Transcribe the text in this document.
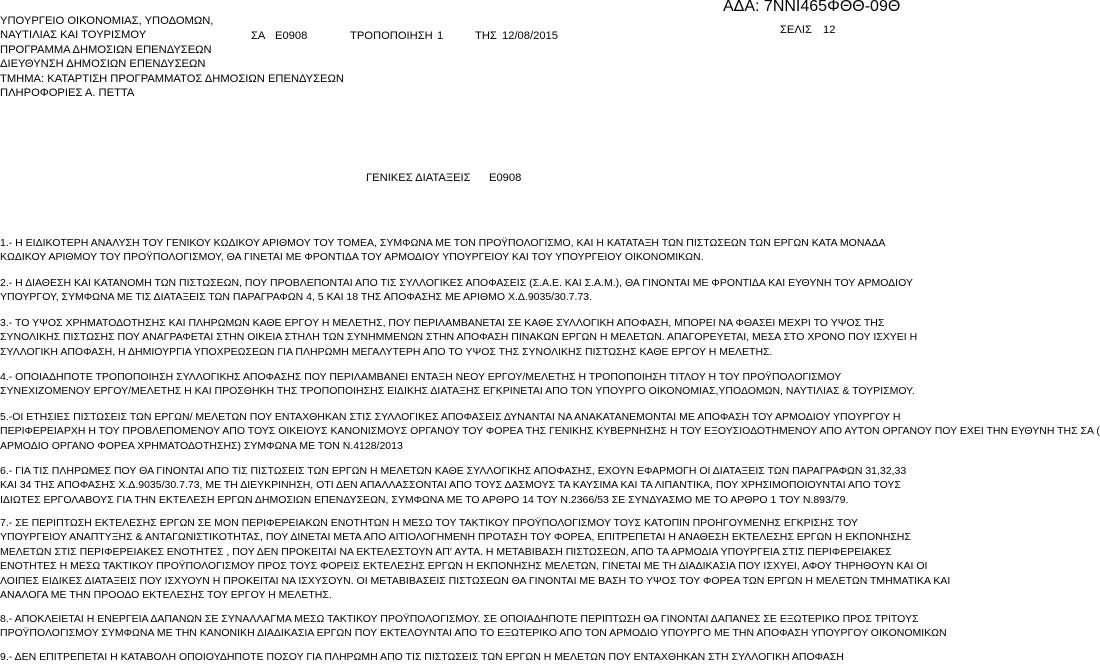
ΥΠΟΥΡΓΕΙΟ ΟΙΚΟΝΟΜΙΑΣ, ΥΠΟΔΟΜΩΝ,
ΝΑΥΤΙΛΙΑΣ ΚΑΙ ΤΟΥΡΙΣΜΟΥ
ΠΡΟΓΡΑΜΜΑ ΔΗΜΟΣΙΩΝ ΕΠΕΝΔΥΣΕΩΝ
ΔΙΕΥΘΥΝΣΗ ΔΗΜΟΣΙΩΝ ΕΠΕΝΔΥΣΕΩΝ
ΤΜΗΜΑ: ΚΑΤΑΡΤΙΣΗ ΠΡΟΓΡΑΜΜΑΤΟΣ ΔΗΜΟΣΙΩΝ ΕΠΕΝΔΥΣΕΩΝ
ΠΛΗΡΟΦΟΡΙΕΣ Α. ΠΕΤΤΑ
ΣΑ Ε0908	ΤΡΟΠΟΠΟΙΗΣΗ 1	ΤΗΣ 12/08/2015
ΑΔΑ: 7ΝΝΙ465ΦΘΘ-09Θ
ΣΕΛΙΣ 12
ΓΕΝΙΚΕΣ ΔΙΑΤΑΞΕΙΣ Ε0908
1.- Η ΕΙΔΙΚΟΤΕΡΗ ΑΝΑΛΥΣΗ ΤΟΥ ΓΕΝΙΚΟΥ ΚΩΔΙΚΟΥ ΑΡΙΘΜΟΥ ΤΟΥ ΤΟΜΕΑ, ΣΥΜΦΩΝΑ ΜΕ ΤΟΝ ΠΡΟΫΠΟΛΟΓΙΣΜΟ, ΚΑΙ Η ΚΑΤΑΤΑΞΗ ΤΩΝ ΠΙΣΤΩΣΕΩΝ ΤΩΝ ΕΡΓΩΝ ΚΑΤΑ ΜΟΝΑΔΑ
ΚΩΔΙΚΟΥ ΑΡΙΘΜΟΥ ΤΟΥ ΠΡΟΫΠΟΛΟΓΙΣΜΟΥ, ΘΑ ΓΙΝΕΤΑΙ ΜΕ ΦΡΟΝΤΙΔΑ ΤΟΥ ΑΡΜΟΔΙΟΥ ΥΠΟΥΡΓΕΙΟΥ ΚΑΙ ΤΟΥ ΥΠΟΥΡΓΕΙΟΥ ΟΙΚΟΝΟΜΙΚΩΝ.
2.- Η ΔΙΑΘΕΣΗ ΚΑΙ ΚΑΤΑΝΟΜΗ ΤΩΝ ΠΙΣΤΩΣΕΩΝ, ΠΟΥ ΠΡΟΒΛΕΠΟΝΤΑΙ ΑΠΟ ΤΙΣ ΣΥΛΛΟΓΙΚΕΣ ΑΠΟΦΑΣΕΙΣ (Σ.Α.Ε. ΚΑΙ Σ.Α.Μ.), ΘΑ ΓΙΝΟΝΤΑΙ ΜΕ ΦΡΟΝΤΙΔΑ ΚΑΙ ΕΥΘΥΝΗ ΤΟΥ ΑΡΜΟΔΙΟΥ
ΥΠΟΥΡΓΟΥ, ΣΥΜΦΩΝΑ ΜΕ ΤΙΣ ΔΙΑΤΑΞΕΙΣ ΤΩΝ ΠΑΡΑΓΡΑΦΩΝ 4, 5 ΚΑΙ 18 ΤΗΣ ΑΠΟΦΑΣΗΣ ΜΕ ΑΡΙΘΜΟ Χ.Δ.9035/30.7.73.
3.- ΤΟ ΥΨΟΣ ΧΡΗΜΑΤΟΔΟΤΗΣΗΣ ΚΑΙ ΠΛΗΡΩΜΩΝ ΚΑΘΕ ΕΡΓΟΥ Η ΜΕΛΕΤΗΣ, ΠΟΥ ΠΕΡΙΛΑΜΒΑΝΕΤΑΙ ΣΕ ΚΑΘΕ ΣΥΛΛΟΓΙΚΗ ΑΠΟΦΑΣΗ, ΜΠΟΡΕΙ ΝΑ ΦΘΑΣΕΙ ΜΕΧΡΙ ΤΟ ΥΨΟΣ ΤΗΣ
ΣΥΝΟΛΙΚΗΣ ΠΙΣΤΩΣΗΣ ΠΟΥ ΑΝΑΓΡΑΦΕΤΑΙ ΣΤΗΝ ΟΙΚΕΙΑ ΣΤΗΛΗ ΤΩΝ ΣΥΝΗΜΜΕΝΩΝ ΣΤΗΝ ΑΠΟΦΑΣΗ ΠΙΝΑΚΩΝ ΕΡΓΩΝ Η ΜΕΛΕΤΩΝ. ΑΠΑΓΟΡΕΥΕΤΑΙ, ΜΕΣΑ ΣΤΟ ΧΡΟΝΟ ΠΟΥ ΙΣΧΥΕΙ Η
ΣΥΛΛΟΓΙΚΗ ΑΠΟΦΑΣΗ, Η ΔΗΜΙΟΥΡΓΙΑ ΥΠΟΧΡΕΩΣΕΩΝ ΓΙΑ ΠΛΗΡΩΜΗ ΜΕΓΑΛΥΤΕΡΗ ΑΠΟ ΤΟ ΥΨΟΣ ΤΗΣ ΣΥΝΟΛΙΚΗΣ ΠΙΣΤΩΣΗΣ ΚΑΘΕ ΕΡΓΟΥ Η ΜΕΛΕΤΗΣ.
4.- ΟΠΟΙΑΔΗΠΟΤΕ ΤΡΟΠΟΠΟΙΗΣΗ ΣΥΛΛΟΓΙΚΗΣ ΑΠΟΦΑΣΗΣ ΠΟΥ ΠΕΡΙΛΑΜΒΑΝΕΙ ΕΝΤΑΞΗ ΝΕΟΥ ΕΡΓΟΥ/ΜΕΛΕΤΗΣ Η ΤΡΟΠΟΠΟΙΗΣΗ ΤΙΤΛΟΥ Η ΤΟΥ ΠΡΟΫΠΟΛΟΓΙΣΜΟΥ
ΣΥΝΕΧΙΖΟΜΕΝΟΥ ΕΡΓΟΥ/ΜΕΛΕΤΗΣ Η ΚΑΙ ΠΡΟΣΘΗΚΗ ΤΗΣ ΤΡΟΠΟΠΟΙΗΣΗΣ ΕΙΔΙΚΗΣ ΔΙΑΤΑΞΗΣ ΕΓΚΡΙΝΕΤΑΙ ΑΠΟ ΤΟΝ ΥΠΟΥΡΓΟ ΟΙΚΟΝΟΜΙΑΣ,ΥΠΟΔΟΜΩΝ, ΝΑΥΤΙΛΙΑΣ & ΤΟΥΡΙΣΜΟΥ.
5.-ΟΙ ΕΤΗΣΙΕΣ ΠΙΣΤΩΣΕΙΣ ΤΩΝ ΕΡΓΩΝ/ ΜΕΛΕΤΩΝ ΠΟΥ ΕΝΤΑΧΘΗΚΑΝ ΣΤΙΣ ΣΥΛΛΟΓΙΚΕΣ ΑΠΟΦΑΣΕΙΣ ΔΥΝΑΝΤΑΙ ΝΑ ΑΝΑΚΑΤΑΝΕΜΟΝΤΑΙ ΜΕ ΑΠΟΦΑΣΗ ΤΟΥ ΑΡΜΟΔΙΟΥ ΥΠΟΥΡΓΟΥ Η
ΠΕΡΙΦΕΡΕΙΑΡΧΗ Η ΤΟΥ ΠΡΟΒΛΕΠΟΜΕΝΟΥ ΑΠΟ ΤΟΥΣ ΟΙΚΕΙΟΥΣ ΚΑΝΟΝΙΣΜΟΥΣ ΟΡΓΑΝΟΥ ΤΟΥ ΦΟΡΕΑ ΤΗΣ ΓΕΝΙΚΗΣ ΚΥΒΕΡΝΗΣΗΣ Η ΤΟΥ ΕΞΟΥΣΙΟΔΟΤΗΜΕΝΟΥ ΑΠΟ ΑΥΤΟΝ ΟΡΓΑΝΟΥ ΠΟΥ ΕΧΕΙ ΤΗΝ ΕΥΘΥΝΗ ΤΗΣ ΣΑ (
ΑΡΜΟΔΙΟ ΟΡΓΑΝΟ ΦΟΡΕΑ ΧΡΗΜΑΤΟΔΟΤΗΣΗΣ) ΣΥΜΦΩΝΑ ΜΕ ΤΟΝ Ν.4128/2013
6.- ΓΙΑ ΤΙΣ ΠΛΗΡΩΜΕΣ ΠΟΥ ΘΑ ΓΙΝΟΝΤΑΙ ΑΠΟ ΤΙΣ ΠΙΣΤΩΣΕΙΣ ΤΩΝ ΕΡΓΩΝ Η ΜΕΛΕΤΩΝ ΚΑΘΕ ΣΥΛΛΟΓΙΚΗΣ ΑΠΟΦΑΣΗΣ, ΕΧΟΥΝ ΕΦΑΡΜΟΓΗ ΟΙ ΔΙΑΤΑΞΕΙΣ ΤΩΝ ΠΑΡΑΓΡΑΦΩΝ 31,32,33
ΚΑΙ 34 ΤΗΣ ΑΠΟΦΑΣΗΣ Χ.Δ.9035/30.7.73, ΜΕ ΤΗ ΔΙΕΥΚΡΙΝΗΣΗ, ΟΤΙ ΔΕΝ ΑΠΑΛΛΑΣΣΟΝΤΑΙ ΑΠΟ ΤΟΥΣ ΔΑΣΜΟΥΣ ΤΑ ΚΑΥΣΙΜΑ ΚΑΙ ΤΑ ΛΙΠΑΝΤΙΚΑ, ΠΟΥ ΧΡΗΣΙΜΟΠΟΙΟΥΝΤΑΙ ΑΠΟ ΤΟΥΣ
ΙΔΙΩΤΕΣ ΕΡΓΟΛΑΒΟΥΣ ΓΙΑ ΤΗΝ ΕΚΤΕΛΕΣΗ ΕΡΓΩΝ ΔΗΜΟΣΙΩΝ ΕΠΕΝΔΥΣΕΩΝ, ΣΥΜΦΩΝΑ ΜΕ ΤΟ ΑΡΘΡΟ 14 ΤΟΥ Ν.2366/53 ΣΕ ΣΥΝΔΥΑΣΜΟ ΜΕ ΤΟ ΑΡΘΡΟ 1 ΤΟΥ Ν.893/79.
7.- ΣΕ ΠΕΡΙΠΤΩΣΗ ΕΚΤΕΛΕΣΗΣ ΕΡΓΩΝ ΣΕ ΜΟΝ ΠΕΡΙΦΕΡΕΙΑΚΩΝ ΕΝΟΤΗΤΩΝ Η ΜΕΣΩ ΤΟΥ ΤΑΚΤΙΚΟΥ ΠΡΟΫΠΟΛΟΓΙΣΜΟΥ ΤΟΥΣ ΚΑΤΟΠΙΝ ΠΡΟΗΓΟΥΜΕΝΗΣ ΕΓΚΡΙΣΗΣ ΤΟΥ
ΥΠΟΥΡΓΕΙΟΥ ΑΝΑΠΤΥΞΗΣ & ΑΝΤΑΓΩΝΙΣΤΙΚΟΤΗΤΑΣ, ΠΟΥ ΔΙΝΕΤΑΙ ΜΕΤΑ ΑΠΟ ΑΙΤΙΟΛΟΓΗΜΕΝΗ ΠΡΟΤΑΣΗ ΤΟΥ ΦΟΡΕΑ, ΕΠΙΤΡΕΠΕΤΑΙ Η ΑΝΑΘΕΣΗ ΕΚΤΕΛΕΣΗΣ ΕΡΓΩΝ Η ΕΚΠΟΝΗΣΗΣ
ΜΕΛΕΤΩΝ ΣΤΙΣ ΠΕΡΙΦΕΡΕΙΑΚΕΣ ΕΝΟΤΗΤΕΣ , ΠΟΥ ΔΕΝ ΠΡΟΚΕΙΤΑΙ ΝΑ ΕΚΤΕΛΕΣΤΟΥΝ ΑΠ' ΑΥΤΑ. Η ΜΕΤΑΒΙΒΑΣΗ ΠΙΣΤΩΣΕΩΝ, ΑΠΟ ΤΑ ΑΡΜΟΔΙΑ ΥΠΟΥΡΓΕΙΑ ΣΤΙΣ ΠΕΡΙΦΕΡΕΙΑΚΕΣ
ΕΝΟΤΗΤΕΣ Η ΜΕΣΩ ΤΑΚΤΙΚΟΥ ΠΡΟΫΠΟΛΟΓΙΣΜΟΥ ΠΡΟΣ ΤΟΥΣ ΦΟΡΕΙΣ ΕΚΤΕΛΕΣΗΣ ΕΡΓΩΝ Η ΕΚΠΟΝΗΣΗΣ ΜΕΛΕΤΩΝ, ΓΙΝΕΤΑΙ ΜΕ ΤΗ ΔΙΑΔΙΚΑΣΙΑ ΠΟΥ ΙΣΧΥΕΙ, ΑΦΟΥ ΤΗΡΗΘΟΥΝ ΚΑΙ ΟΙ
ΛΟΙΠΕΣ ΕΙΔΙΚΕΣ ΔΙΑΤΑΞΕΙΣ ΠΟΥ ΙΣΧΥΟΥΝ Η ΠΡΟΚΕΙΤΑΙ ΝΑ ΙΣΧΥΣΟΥΝ. ΟΙ ΜΕΤΑΒΙΒΑΣΕΙΣ ΠΙΣΤΩΣΕΩΝ ΘΑ ΓΙΝΟΝΤΑΙ ΜΕ ΒΑΣΗ ΤΟ ΥΨΟΣ ΤΟΥ ΦΟΡΕΑ ΤΩΝ ΕΡΓΩΝ Η ΜΕΛΕΤΩΝ ΤΜΗΜΑΤΙΚΑ ΚΑΙ
ΑΝΑΛΟΓΑ ΜΕ ΤΗΝ ΠΡΟΟΔΟ ΕΚΤΕΛΕΣΗΣ ΤΟΥ ΕΡΓΟΥ Η ΜΕΛΕΤΗΣ.
8.- ΑΠΟΚΛΕΙΕΤΑΙ Η ΕΝΕΡΓΕΙΑ ΔΑΠΑΝΩΝ ΣΕ ΣΥΝΑΛΛΑΓΜΑ ΜΕΣΩ ΤΑΚΤΙΚΟΥ ΠΡΟΫΠΟΛΟΓΙΣΜΟΥ. ΣΕ ΟΠΟΙΑΔΗΠΟΤΕ ΠΕΡΙΠΤΩΣΗ ΘΑ ΓΙΝΟΝΤΑΙ ΔΑΠΑΝΕΣ ΣΕ ΕΞΩΤΕΡΙΚΟ ΠΡΟΣ ΤΡΙΤΟΥΣ
ΠΡΟΫΠΟΛΟΓΙΣΜΟΥ ΣΥΜΦΩΝΑ ΜΕ ΤΗΝ ΚΑΝΟΝΙΚΗ ΔΙΑΔΙΚΑΣΙΑ ΕΡΓΩΝ ΠΟΥ ΕΚΤΕΛΟΥΝΤΑΙ ΑΠΟ ΤΟ ΕΞΩΤΕΡΙΚΟ ΑΠΟ ΤΟΝ ΑΡΜΟΔΙΟ ΥΠΟΥΡΓΟ ΜΕ ΤΗΝ ΑΠΟΦΑΣΗ ΥΠΟΥΡΓΟΥ ΟΙΚΟΝΟΜΙΚΩΝ
9.- ΔΕΝ ΕΠΙΤΡΕΠΕΤΑΙ Η ΚΑΤΑΒΟΛΗ ΟΠΟΙΟΥΔΗΠΟΤΕ ΠΟΣΟΥ ΓΙΑ ΠΛΗΡΩΜΗ ΑΠΟ ΤΙΣ ΠΙΣΤΩΣΕΙΣ ΤΩΝ ΕΡΓΩΝ Η ΜΕΛΕΤΩΝ ΠΟΥ ΕΝΤΑΧΘΗΚΑΝ ΣΤΗ ΣΥΛΛΟΓΙΚΗ ΑΠΟΦΑΣΗ
